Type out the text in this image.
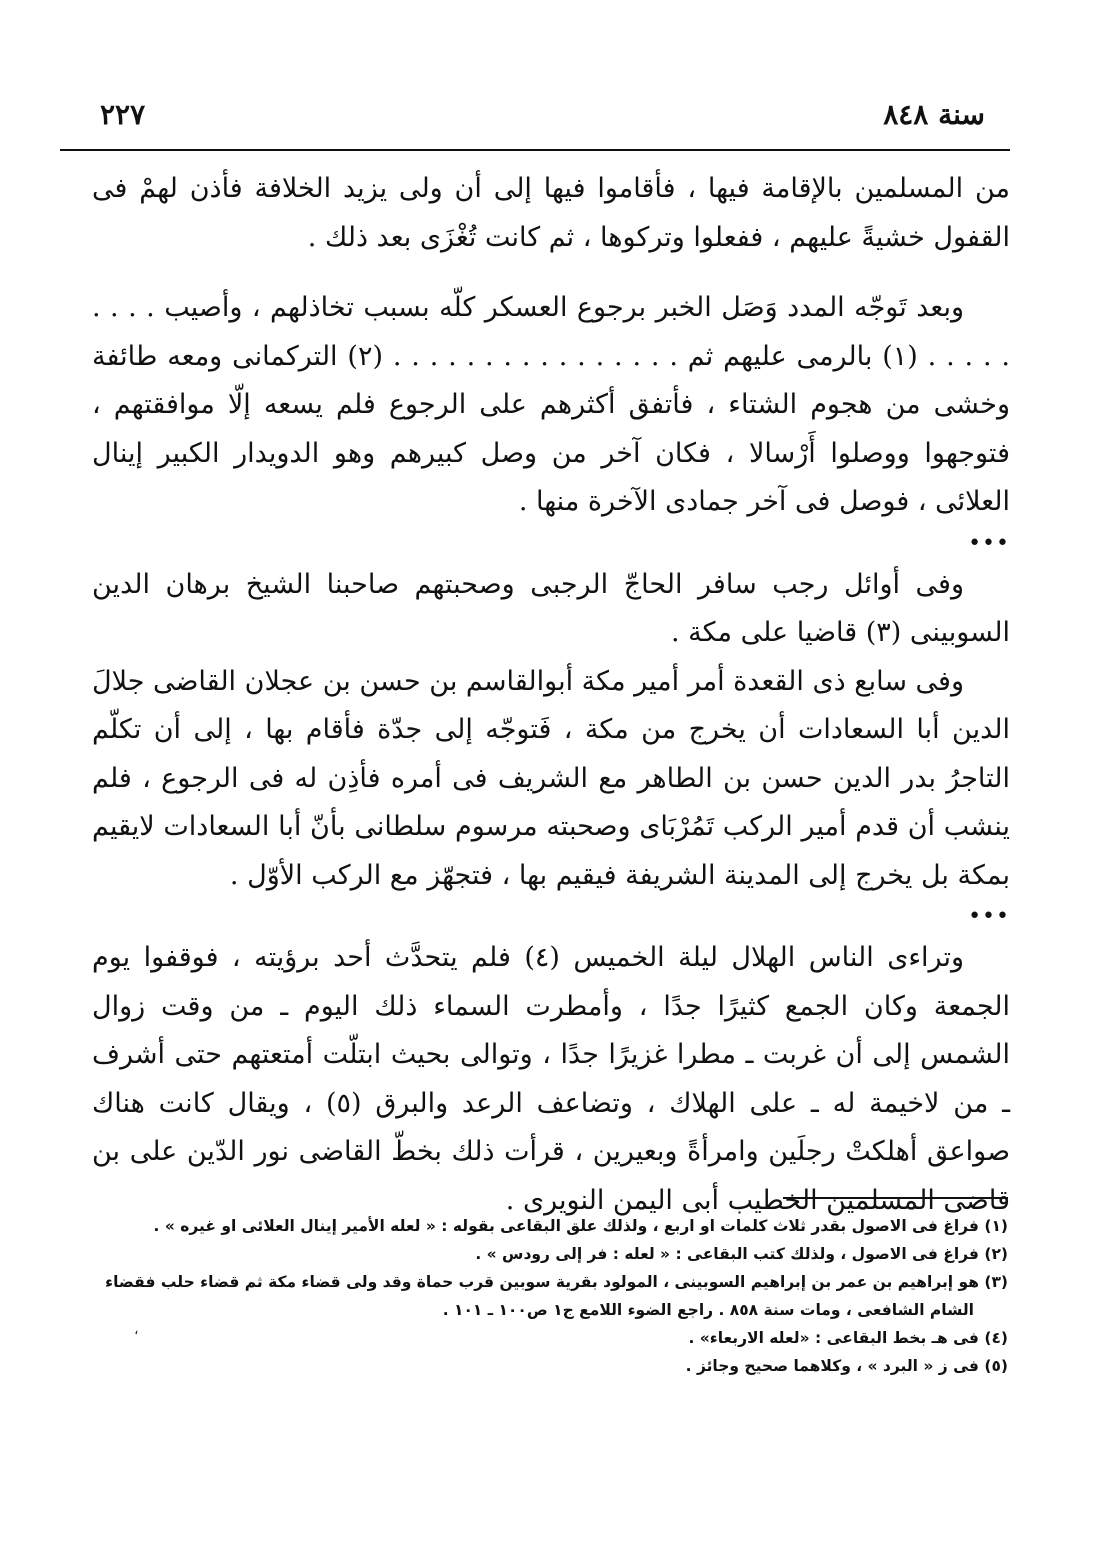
سنة ٨٤٨
٢٢٧

من المسلمين بالإقامة فيها ، فأقاموا فيها إلى أن ولى يزيد الخلافة فأذن لهمْ فى القفول خشيةً عليهم ، ففعلوا وتركوها ، ثم كانت تُغْزَى بعد ذلك .

وبعد تَوجّه المدد وَصَل الخبر برجوع العسكر كلّه بسبب تخاذلهم ، وأصيب . . . . . . . . . (١) بالرمى عليهم ثم . . . . . . . . . . . . . . . . (٢) التركمانى ومعه طائفة وخشى من هجوم الشتاء ، فأتفق أكثرهم على الرجوع فلم يسعه إلّا موافقتهم ، فتوجهوا ووصلوا أَرْسالا ، فكان آخر من وصل كبيرهم وهو الدويدار الكبير إينال العلائى ، فوصل فى آخر جمادى الآخرة منها .

•••

وفى أوائل رجب سافر الحاجّ الرجبى وصحبتهم صاحبنا الشيخ برهان الدين السوبينى (٣) قاضيا على مكة .

وفى سابع ذى القعدة أمر أمير مكة أبوالقاسم بن حسن بن عجلان القاضى جلالَ الدين أبا السعادات أن يخرج من مكة ، فَتوجّه إلى جدّة فأقام بها ، إلى أن تكلّم التاجرُ بدر الدين حسن بن الطاهر مع الشريف فى أمره فأذِن له فى الرجوع ، فلم ينشب أن قدم أمير الركب تَمُرْبَاى وصحبته مرسوم سلطانى بأنّ أبا السعادات لايقيم بمكة بل يخرج إلى المدينة الشريفة فيقيم بها ، فتجهّز مع الركب الأوّل .

•••

وتراءى الناس الهلال ليلة الخميس (٤) فلم يتحدَّث أحد برؤيته ، فوقفوا يوم الجمعة وكان الجمع كثيرًا جدًا ، وأمطرت السماء ذلك اليوم ـ من وقت زوال الشمس إلى أن غربت ـ مطرا غزيرًا جدًا ، وتوالى بحيث ابتلّت أمتعتهم حتى أشرف ـ من لاخيمة له ـ على الهلاك ، وتضاعف الرعد والبرق (٥) ، ويقال كانت هناك صواعق أهلكتْ رجلَين وامرأةً وبعيرين ، قرأت ذلك بخطّ القاضى نور الدّين على بن قاضى المسلمين الخطيب أبى اليمن النويرى .

(١) فراغ فى الاصول بقدر ثلاث كلمات او اربع ، ولذلك علق البقاعى بقوله : « لعله الأمير إينال العلائى او غيره » .

(٢) فراغ فى الاصول ، ولذلك كتب البقاعى : « لعله : فر إلى رودس » .

(٣) هو إبراهيم بن عمر بن إبراهيم السوبينى ، المولود بقرية سوبين قرب حماة وقد ولى قضاء مكة ثم قضاء حلب فقضاء

الشام الشافعى ، ومات سنة ٨٥٨ . راجع الضوء اللامع ج١ ص١٠٠ ـ ١٠١ .

(٤) فى هـ بخط البقاعى : «لعله الاربعاء» .

(٥) فى ز « البرد » ، وكلاهما صحيح وجائز .

،
